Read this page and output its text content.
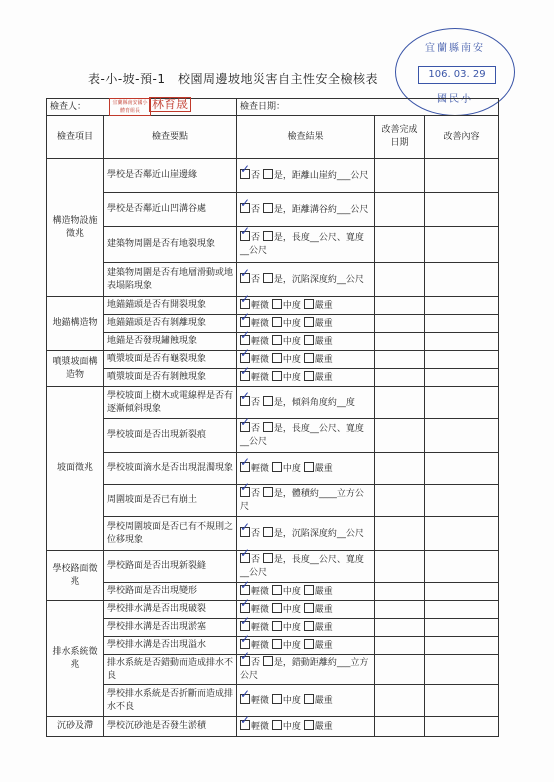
表-小-坡-預-1　校園周邊坡地災害自主性安全檢核表
宜蘭縣南安
國民小
106. 03. 29
檢查人： 宜蘭縣南安國小 體育組長 林育晟		檢查日期：		
檢查項目	檢查要點	檢查結果	改善完成日期	改善內容
構造物設施徵兆	學校是否鄰近山崖邊緣	✓否 是，距離山崖約___公尺		
	學校是否鄰近山凹溝谷處	✓否 是，距離溝谷約___公尺		
	建築物周圍是否有地裂現象	✓否 是，長度__公尺、寬度__公尺		
	建築物周圍是否有地層滑動或地表塌陷現象	✓否 是，沉陷深度約__公尺		
地錨構造物	地錨錨頭是否有開裂現象	✓輕微 中度 嚴重		
	地錨錨頭是否有剝離現象	✓輕微 中度 嚴重		
	地錨是否發現鏽蝕現象	✓輕微 中度 嚴重		
噴漿坡面構造物	噴漿坡面是否有龜裂現象	✓輕微 中度 嚴重		
	噴漿坡面是否有剝蝕現象	✓輕微 中度 嚴重		
坡面徵兆	學校坡面上樹木或電線桿是否有逐漸傾斜現象	✓否 是，傾斜角度約__度		
	學校坡面是否出現新裂痕	✓否 是，長度__公尺、寬度__公尺		
	學校坡面滴水是否出現混濁現象	✓輕微 中度 嚴重		
	周圍坡面是否已有崩土	✓否 是，體積約____立方公尺		
	學校周圍坡面是否已有不規則之位移現象	✓否 是，沉陷深度約__公尺		
學校路面徵兆	學校路面是否出現新裂縫	✓否 是，長度__公尺、寬度__公尺		
	學校路面是否出現變形	✓輕微 中度 嚴重		
排水系統徵兆	學校排水溝是否出現破裂	✓輕微 中度 嚴重		
	學校排水溝是否出現淤塞	✓輕微 中度 嚴重		
	學校排水溝是否出現溢水	✓輕微 中度 嚴重		
	排水系統是否錯動而造成排水不良	✓否 是，錯動距離約___立方公尺		
	學校排水系統是否折斷而造成排水不良	✓輕微 中度 嚴重		
沉砂及滯	學校沉砂池是否發生淤積	✓輕微 中度 嚴重		
